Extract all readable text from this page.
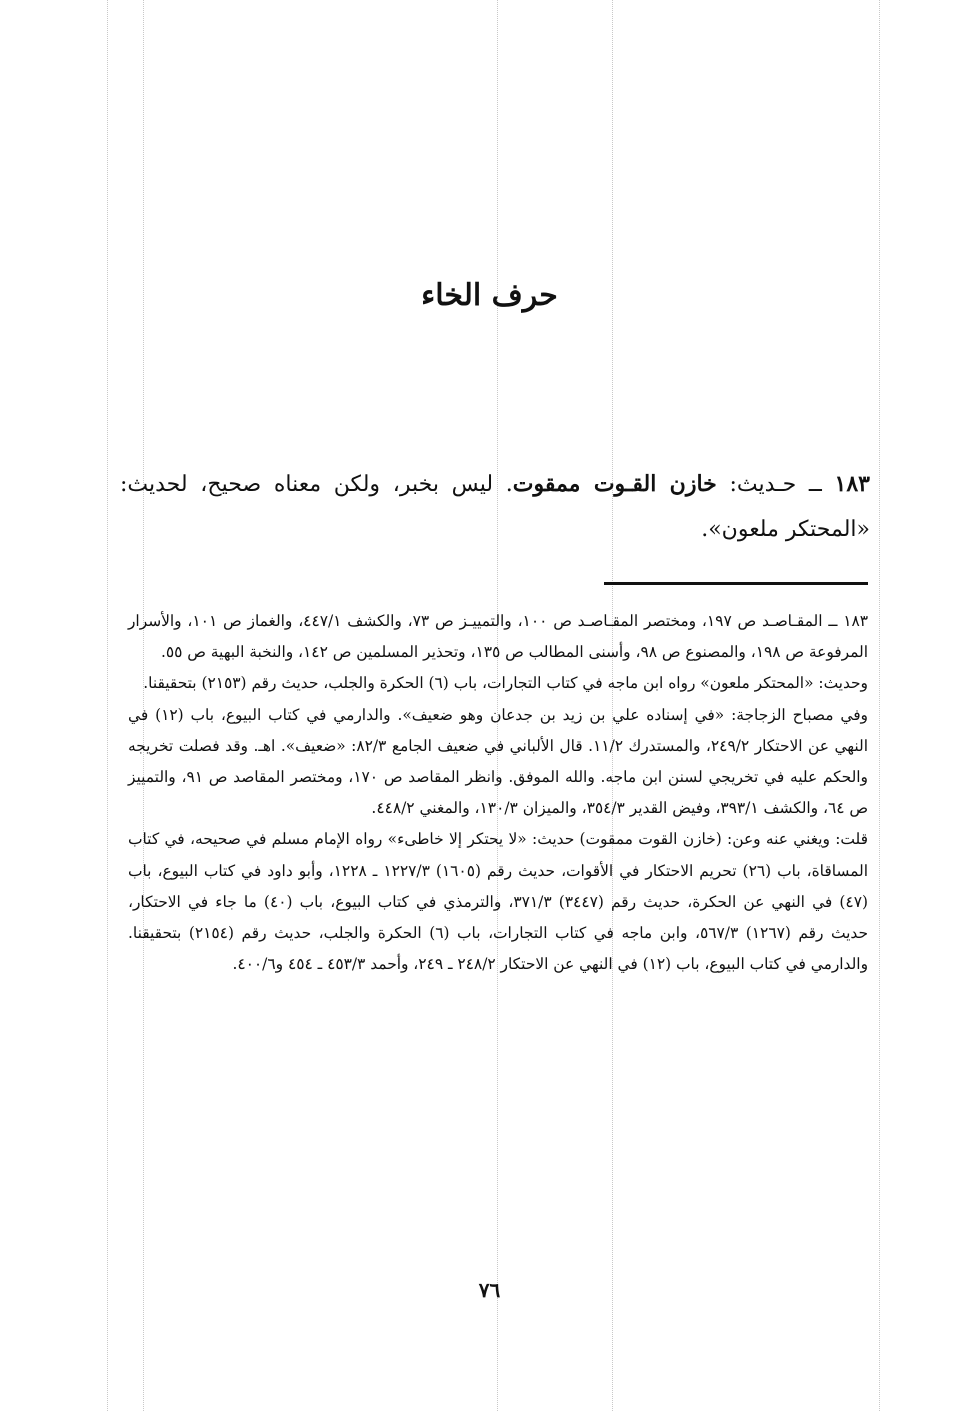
حرف الخاء

١٨٣ ــ حـديث: خازن القـوت ممقوت. ليس بخبر، ولكن معناه صحيح، لحديث: «المحتكر ملعون».

١٨٣ ــ المقـاصـد ص ١٩٧، ومختصر المقـاصـد ص ١٠٠، والتمييـز ص ٧٣، والكشف ٤٤٧/١، والغماز ص ١٠١، والأسرار المرفوعة ص ١٩٨، والمصنوع ص ٩٨، وأسنى المطالب ص ١٣٥، وتحذير المسلمين ص ١٤٢، والنخبة البهية ص ٥٥.

وحديث: «المحتكر ملعون» رواه ابن ماجه في كتاب التجارات، باب (٦) الحكرة والجلب، حديث رقم (٢١٥٣) بتحقيقنا.

وفي مصباح الزجاجة: «في إسناده علي بن زيد بن جدعان وهو ضعيف». والدارمي في كتاب البيوع، باب (١٢) في النهي عن الاحتكار ٢٤٩/٢، والمستدرك ١١/٢. قال الألباني في ضعيف الجامع ٨٢/٣: «ضعيف». اهـ. وقد فصلت تخريجه والحكم عليه في تخريجي لسنن ابن ماجه. والله الموفق. وانظر المقاصد ص ١٧٠، ومختصر المقاصد ص ٩١، والتمييز ص ٦٤، والكشف ٣٩٣/١، وفيض القدير ٣٥٤/٣، والميزان ١٣٠/٣، والمغني ٤٤٨/٢.

قلت: ويغني عنه وعن: (خازن القوت ممقوت) حديث: «لا يحتكر إلا خاطىء» رواه الإمام مسلم في صحيحه، في كتاب المساقاة، باب (٢٦) تحريم الاحتكار في الأقوات، حديث رقم (١٦٠٥) ١٢٢٧/٣ ـ ١٢٢٨، وأبو داود في كتاب البيوع، باب (٤٧) في النهي عن الحكرة، حديث رقم (٣٤٤٧) ٣٧١/٣، والترمذي في كتاب البيوع، باب (٤٠) ما جاء في الاحتكار، حديث رقم (١٢٦٧) ٥٦٧/٣، وابن ماجه في كتاب التجارات، باب (٦) الحكرة والجلب، حديث رقم (٢١٥٤) بتحقيقنا. والدارمي في كتاب البيوع، باب (١٢) في النهي عن الاحتكار ٢٤٨/٢ ـ ٢٤٩، وأحمد ٤٥٣/٣ ـ ٤٥٤ و٤٠٠/٦.

٧٦
